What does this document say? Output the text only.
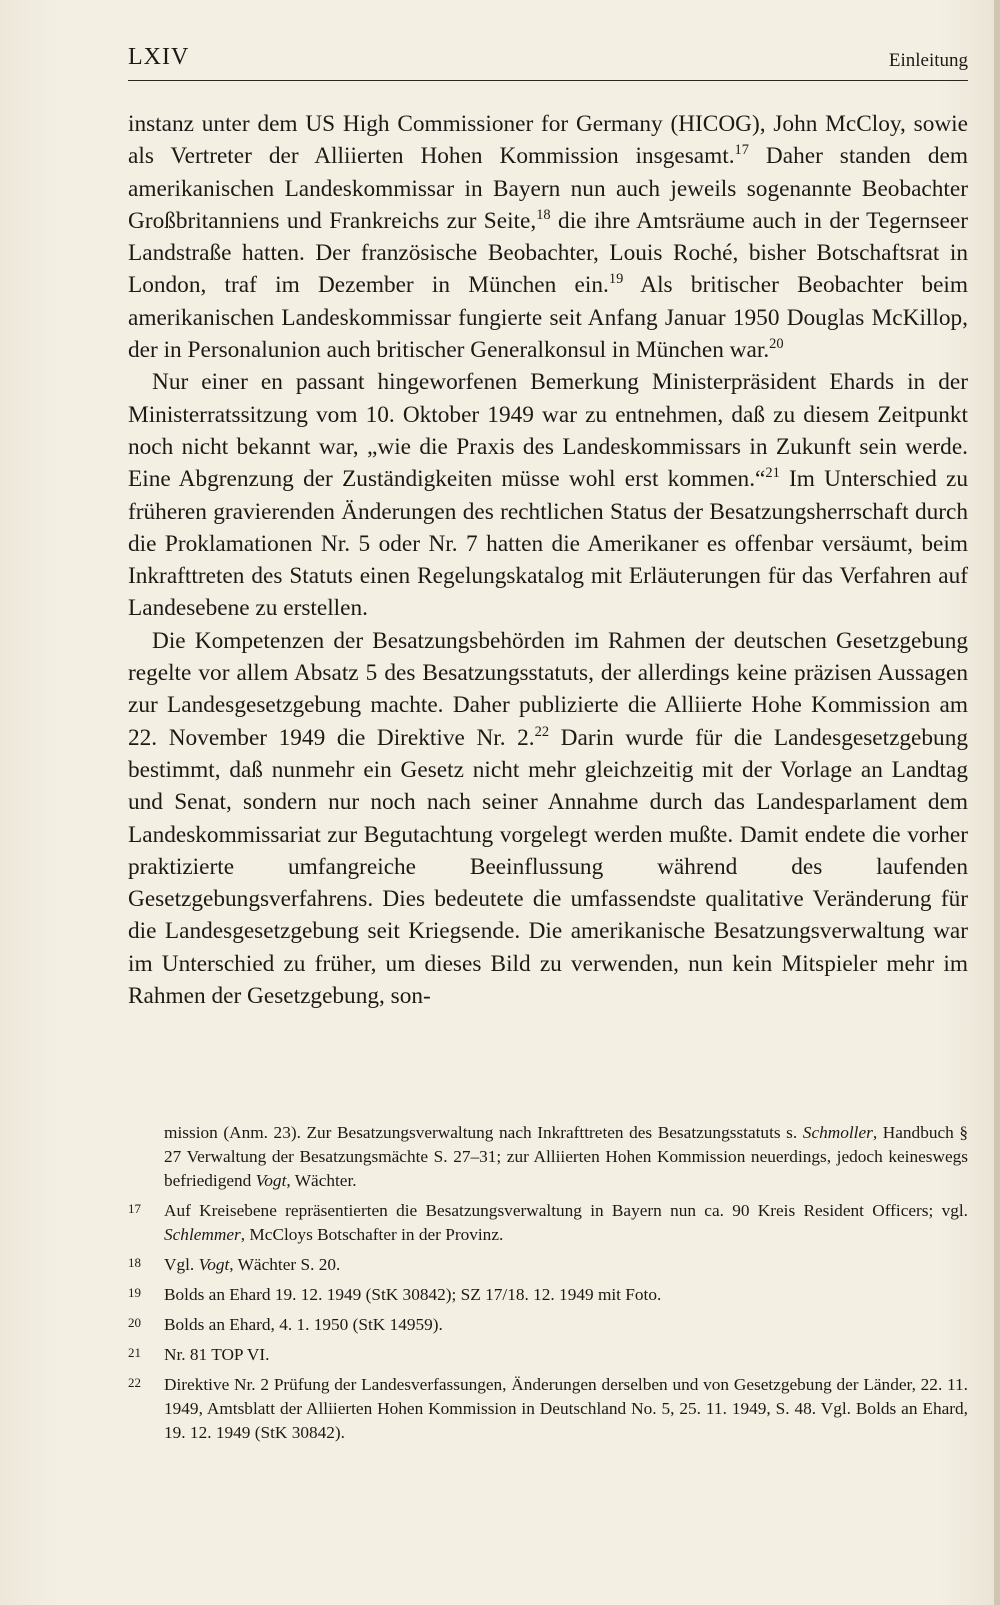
LXIV	Einleitung

instanz unter dem US High Commissioner for Germany (HICOG), John McCloy, sowie als Vertreter der Alliierten Hohen Kommission insgesamt.$^{17}$ Daher standen dem amerikanischen Landeskommissar in Bayern nun auch jeweils sogenannte Beobachter Großbritanniens und Frankreichs zur Seite,$^{18}$ die ihre Amtsräume auch in der Tegernseer Landstraße hatten. Der französische Beobachter, Louis Roché, bisher Botschaftsrat in London, traf im Dezember in München ein.$^{19}$ Als britischer Beobachter beim amerikanischen Landeskommissar fungierte seit Anfang Januar 1950 Douglas McKillop, der in Personalunion auch britischer Generalkonsul in München war.$^{20}$

Nur einer en passant hingeworfenen Bemerkung Ministerpräsident Ehards in der Ministerratssitzung vom 10. Oktober 1949 war zu entnehmen, daß zu diesem Zeitpunkt noch nicht bekannt war, „wie die Praxis des Landeskommissars in Zukunft sein werde. Eine Abgrenzung der Zuständigkeiten müsse wohl erst kommen.“$^{21}$ Im Unterschied zu früheren gravierenden Änderungen des rechtlichen Status der Besatzungsherrschaft durch die Proklamationen Nr. 5 oder Nr. 7 hatten die Amerikaner es offenbar versäumt, beim Inkrafttreten des Statuts einen Regelungskatalog mit Erläuterungen für das Verfahren auf Landesebene zu erstellen.

Die Kompetenzen der Besatzungsbehörden im Rahmen der deutschen Gesetzgebung regelte vor allem Absatz 5 des Besatzungsstatuts, der allerdings keine präzisen Aussagen zur Landesgesetzgebung machte. Daher publizierte die Alliierte Hohe Kommission am 22. November 1949 die Direktive Nr. 2.22 Darin wurde für die Landesgesetzgebung bestimmt, daß nunmehr ein Gesetz nicht mehr gleichzeitig mit der Vorlage an Landtag und Senat, sondern nur noch nach seiner Annahme durch das Landesparlament dem Landeskommissariat zur Begutachtung vorgelegt werden mußte. Damit endete die vorher praktizierte umfangreiche Beeinflussung während des laufenden Gesetzgebungsverfahrens. Dies bedeutete die umfassendste qualitative Veränderung für die Landesgesetzgebung seit Kriegsende. Die amerikanische Besatzungsverwaltung war im Unterschied zu früher, um dieses Bild zu verwenden, nun kein Mitspieler mehr im Rahmen der Gesetzgebung, son-

mission (Anm. 23). Zur Besatzungsverwaltung nach Inkrafttreten des Besatzungsstatuts s. Schmoller, Handbuch § 27 Verwaltung der Besatzungsmächte S. 27–31; zur Alliierten Hohen Kommission neuerdings, jedoch keineswegs befriedigend Vogt, Wächter.
17 Auf Kreisebene repräsentierten die Besatzungsverwaltung in Bayern nun ca. 90 Kreis Resident Officers; vgl. Schlemmer, McCloys Botschafter in der Provinz.
18 Vgl. Vogt, Wächter S. 20.
19 Bolds an Ehard 19. 12. 1949 (StK 30842); SZ 17/18. 12. 1949 mit Foto.
20 Bolds an Ehard, 4. 1. 1950 (StK 14959).
21 Nr. 81 TOP VI.
22 Direktive Nr. 2 Prüfung der Landesverfassungen, Änderungen derselben und von Gesetzgebung der Länder, 22. 11. 1949, Amtsblatt der Alliierten Hohen Kommission in Deutschland No. 5, 25. 11. 1949, S. 48. Vgl. Bolds an Ehard, 19. 12. 1949 (StK 30842).
